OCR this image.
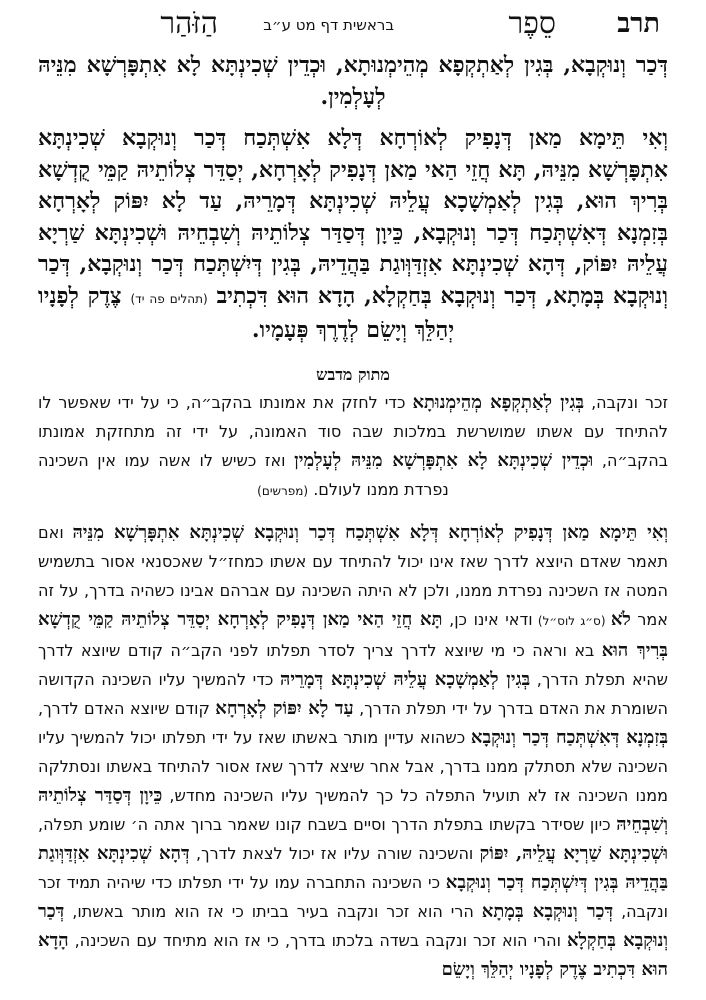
תרב
סֵפֶר
בראשית דף מט ע״ב
הַזֹּהַר

דְּכַר וְנוּקְבָא, בְּגִין לְאַתְקְפָא מְהֵימְנוּתָא, וּכְדֵין שְׁכִינְתָּא לָא אִתְפָּרְשָׁא מִנֵּיהּ לְעָלְמִין.

וְאִי תֵּימָא מַאן דְּנָפִיק לְאוֹרְחָא דְּלָא אִשְׁתְּכַח דְּכַר וְנוּקְבָא שְׁכִינְתָּא אִתְפָּרְשָׁא מִנֵּיהּ, תָּא חֲזֵי הַאי מַאן דְּנָפִיק לְאָרְחָא, יְסַדֵּר צְלוֹתֵיהּ קַמֵּי קֻדְשָׁא בְּרִיךְ הוּא, בְּגִין לְאַמְשָׁכָא עֲלֵיהּ שְׁכִינְתָּא דְּמָרֵיהּ, עַד לָא יִפּוֹק לְאָרְחָא בְּזִמְנָא דְּאִשְׁתְּכַח דְּכַר וְנוּקְבָא, כֵּיוָן דְּסַדַּר צְלוֹתֵיהּ וְשִׁבְחֵיהּ וּשְׁכִינְתָּא שַׁרְיָא עֲלֵיהּ יִפּוֹק, דְּהָא שְׁכִינְתָּא אִזְדַּוְּוגַת בַּהֲדֵיהּ, בְּגִין דְּיִשְׁתְּכַח דְּכַר וְנוּקְבָא, דְּכַר וְנוּקְבָא בְּמָתָא, דְּכַר וְנוּקְבָא בְּחַקְלָא, הָדָא הוּא דִּכְתִיב (תהלים פה יד) צֶדֶק לְפָנָיו יְהַלֵּךְ וְיָשֵׂם לְדֶרֶךְ פְּעָמָיו.

מתוק מדבש

זכר ונקבה, בְּגִין לְאַתְקְפָא מְהֵימְנוּתָא כדי לחזק את אמונתו בהקב״ה, כי על ידי שאפשר לו להתיחד עם אשתו שמושרשת במלכות שבה סוד האמונה, על ידי זה מתחזקת אמונתו בהקב״ה, וּכְדֵין שְׁכִינְתָּא לָא אִתְפָּרְשָׁא מִנֵּיהּ לְעָלְמִין ואז כשיש לו אשה עמו אין השכינה נפרדת ממנו לעולם. (מפרשים)

וְאִי תֵּימָא מַאן דְּנָפִיק לְאוֹרְחָא דְּלָא אִשְׁתְּכַח דְּכַר וְנוּקְבָא שְׁכִינְתָּא אִתְפָּרְשָׁא מִנֵּיהּ ואם תאמר שאדם היוצא לדרך שאז אינו יכול להתיחד עם אשתו כמחז״ל שאכסנאי אסור בתשמיש המטה אז השכינה נפרדת ממנו, ולכן לא היתה השכינה עם אברהם אבינו כשהיה בדרך, על זה אמר לֹא (ס״ג לוס״ל) ודאי אינו כן, תָּא חֲזֵי הַאי מַאן דְּנָפִיק לְאָרְחָא יְסַדֵּר צְלוֹתֵיהּ קַמֵּי קֻדְשָׁא בְּרִיךְ הוּא בא וראה כי מי שיוצא לדרך צריך לסדר תפלתו לפני הקב״ה קודם שיוצא לדרך שהיא תפלת הדרך, בְּגִין לְאַמְשָׁכָא עֲלֵיהּ שְׁכִינְתָּא דְּמָרֵיהּ כדי להמשיך עליו השכינה הקדושה השומרת את האדם בדרך על ידי תפלת הדרך, עַד לָא יִפּוֹק לְאָרְחָא קודם שיוצא האדם לדרך, בְּזִמְנָא דְּאִשְׁתְּכַח דְּכַר וְנוּקְבָא כשהוא עדיין מותר באשתו שאז על ידי תפלתו יכול להמשיך עליו השכינה שלא תסתלק ממנו בדרך, אבל אחר שיצא לדרך שאז אסור להתיחד באשתו ונסתלקה ממנו השכינה אז לא תועיל התפלה כל כך להמשיך עליו השכינה מחדש, כֵּיוָן דְּסַדַּר צְלוֹתֵיהּ וְשִׁבְחֵיהּ כיון שסידר בקשתו בתפלת הדרך וסיים בשבח קונו שאמר ברוך אתה ה׳ שומע תפלה, וּשְׁכִינְתָּא שַׁרְיָא עֲלֵיהּ, יִפּוֹק והשכינה שורה עליו אז יכול לצאת לדרך, דְּהָא שְׁכִינְתָּא אִזְדַּוְּוגַת בַּהֲדֵיהּ בְּגִין דְּיִשְׁתְּכַח דְּכַר וְנוּקְבָא כי השכינה התחברה עמו על ידי תפלתו כדי שיהיה תמיד זכר ונקבה, דְּכַר וְנוּקְבָא בְּמָתָא הרי הוא זכר ונקבה בעיר בביתו כי אז הוא מותר באשתו, דְּכַר וְנוּקְבָא בְּחַקְלָא והרי הוא זכר ונקבה בשדה בלכתו בדרך, כי אז הוא מתיחד עם השכינה, הָדָא הוּא דִּכְתִיב צֶדֶק לְפָנָיו יְהַלֵּךְ וְיָשֵׂם
